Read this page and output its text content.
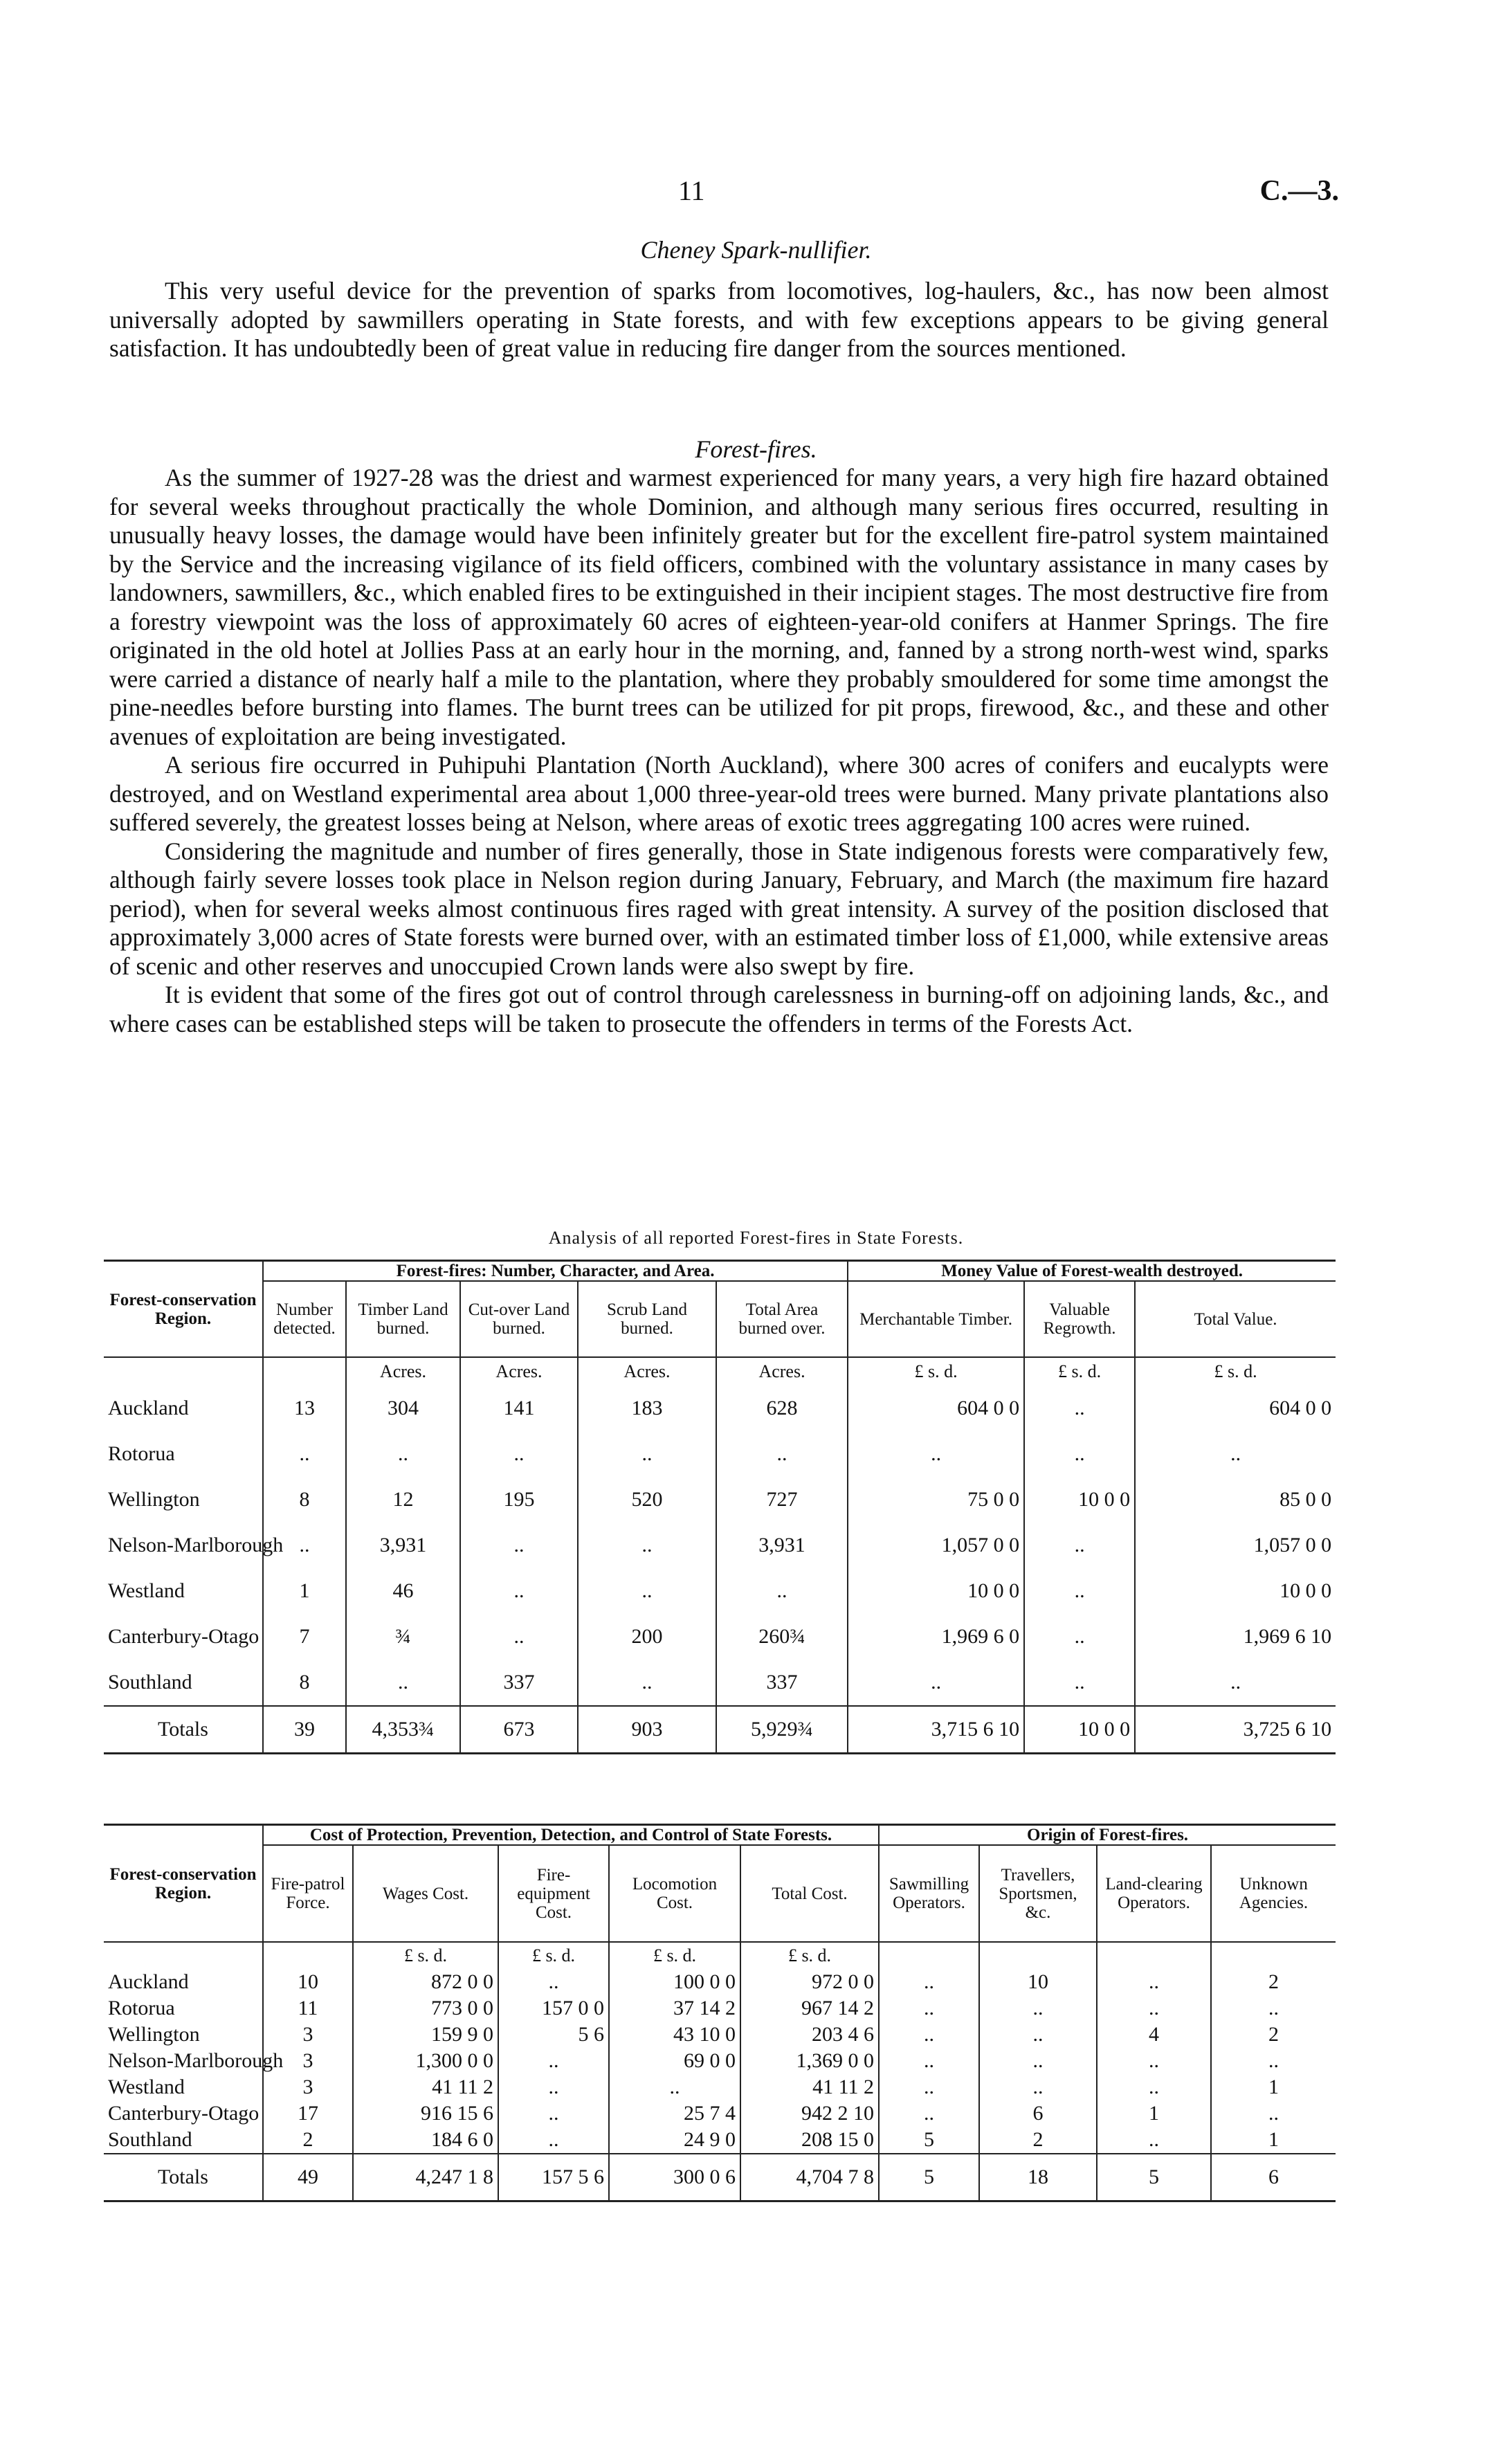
11	C.—3.
Cheney Spark-nullifier.

This very useful device for the prevention of sparks from locomotives, log-haulers, &c., has now been almost universally adopted by sawmillers operating in State forests, and with few exceptions appears to be giving general satisfaction. It has undoubtedly been of great value in reducing fire danger from the sources mentioned.

Forest-fires.

As the summer of 1927-28 was the driest and warmest experienced for many years, a very high fire hazard obtained for several weeks throughout practically the whole Dominion, and although many serious fires occurred, resulting in unusually heavy losses, the damage would have been infinitely greater but for the excellent fire-patrol system maintained by the Service and the increasing vigilance of its field officers, combined with the voluntary assistance in many cases by landowners, sawmillers, &c., which enabled fires to be extinguished in their incipient stages. The most destructive fire from a forestry viewpoint was the loss of approximately 60 acres of eighteen-year-old conifers at Hanmer Springs. The fire originated in the old hotel at Jollies Pass at an early hour in the morning, and, fanned by a strong north-west wind, sparks were carried a distance of nearly half a mile to the plantation, where they probably smouldered for some time amongst the pine-needles before bursting into flames. The burnt trees can be utilized for pit props, firewood, &c., and these and other avenues of exploitation are being investigated.

A serious fire occurred in Puhipuhi Plantation (North Auckland), where 300 acres of conifers and eucalypts were destroyed, and on Westland experimental area about 1,000 three-year-old trees were burned. Many private plantations also suffered severely, the greatest losses being at Nelson, where areas of exotic trees aggregating 100 acres were ruined.

Considering the magnitude and number of fires generally, those in State indigenous forests were comparatively few, although fairly severe losses took place in Nelson region during January, February, and March (the maximum fire hazard period), when for several weeks almost continuous fires raged with great intensity. A survey of the position disclosed that approximately 3,000 acres of State forests were burned over, with an estimated timber loss of £1,000, while extensive areas of scenic and other reserves and unoccupied Crown lands were also swept by fire.

It is evident that some of the fires got out of control through carelessness in burning-off on adjoining lands, &c., and where cases can be established steps will be taken to prosecute the offenders in terms of the Forests Act.

Analysis of all reported Forest-fires in State Forests.
Forest-conservation Region.	Forest-fires: Number, Character, and Area.					Money Value of Forest-wealth destroyed.		
	Number detected.	Timber Land burned.	Cut-over Land burned.	Scrub Land burned.	Total Area burned over.	Merchantable Timber.	Valuable Regrowth.	Total Value.
		Acres.	Acres.	Acres.	Acres.	£ s. d.	£ s. d.	£ s. d.
Auckland	13	304	141	183	628	604 0 0	..	604 0 0
Rotorua	..	..	..	..	..	..	..	..
Wellington	8	12	195	520	727	75 0 0	10 0 0	85 0 0
Nelson-Marlborough	..	3,931	..	..	3,931	1,057 0 0	..	1,057 0 0
Westland	1	46	..	..	..	10 0 0	..	10 0 0
Canterbury-Otago	7	¾	..	200	260¾	1,969 6 0	..	1,969 6 10
Southland	8	..	337	..	337	..	..	..
Totals	39	4,353¾	673	903	5,929¾	3,715 6 10	10 0 0	3,725 6 10
Forest-conservation Region.	Cost of Protection, Prevention, Detection, and Control of State Forests.					Origin of Forest-fires.			
	Fire-patrol Force.	Wages Cost.	Fire-equipment Cost.	Locomotion Cost.	Total Cost.	Sawmilling Operators.	Travellers, Sportsmen, &c.	Land-clearing Operators.	Unknown Agencies.
		£ s. d.	£ s. d.	£ s. d.	£ s. d.				
Auckland	10	872 0 0	..	100 0 0	972 0 0	..	10	..	2
Rotorua	11	773 0 0	157 0 0	37 14 2	967 14 2	..	..	..	..
Wellington	3	159 9 0	5 6	43 10 0	203 4 6	..	..	4	2
Nelson-Marlborough	3	1,300 0 0	..	69 0 0	1,369 0 0	..	..	..	..
Westland	3	41 11 2	..	..	41 11 2	..	..	..	1
Canterbury-Otago	17	916 15 6	..	25 7 4	942 2 10	..	6	1	..
Southland	2	184 6 0	..	24 9 0	208 15 0	5	2	..	1
Totals	49	4,247 1 8	157 5 6	300 0 6	4,704 7 8	5	18	5	6
